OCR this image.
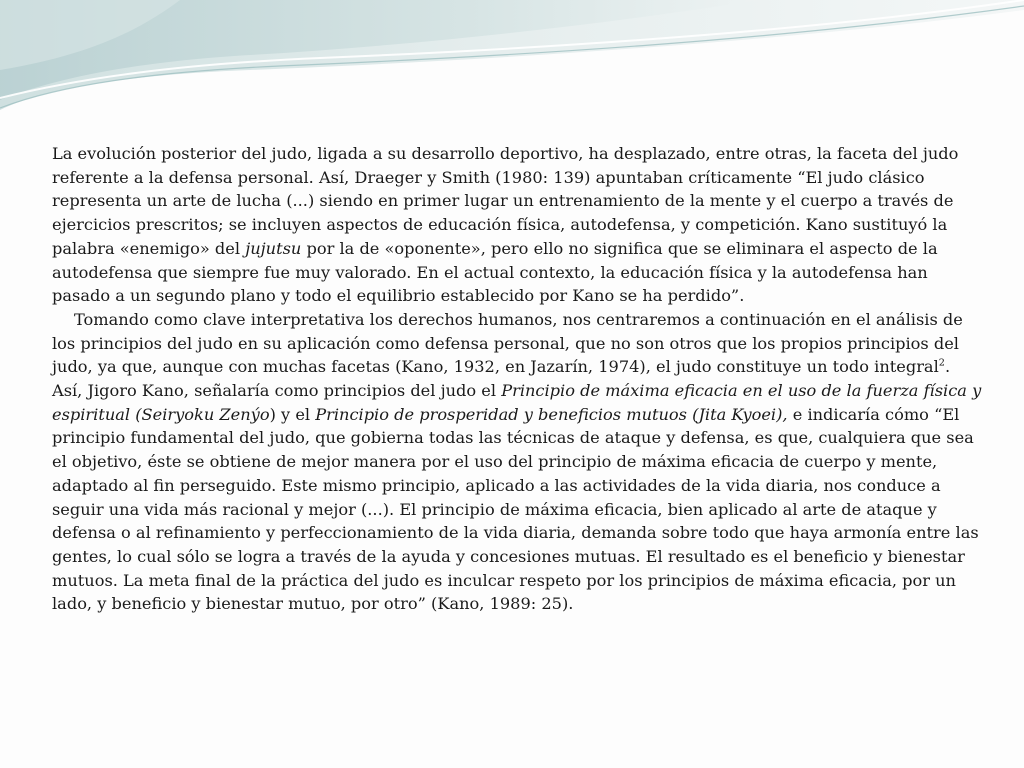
La evolución posterior del judo, ligada a su desarrollo deportivo, ha desplazado, entre otras, la faceta del judo referente a la defensa personal. Así, Draeger y Smith (1980: 139) apuntaban críticamente “El judo clásico representa un arte de lucha (...) siendo en primer lugar un entrenamiento de la mente y el cuerpo a través de ejercicios prescritos; se incluyen aspectos de educación física, autodefensa, y competición. Kano sustituyó la palabra «enemigo» del jujutsu por la de «oponente», pero ello no significa que se eliminara el aspecto de la autodefensa que siempre fue muy valorado. En el actual contexto, la educación física y la autodefensa han pasado a un segundo plano y todo el equilibrio establecido por Kano se ha perdido”.

Tomando como clave interpretativa los derechos humanos, nos centraremos a continuación en el análisis de los principios del judo en su aplicación como defensa personal, que no son otros que los propios principios del judo, ya que, aunque con muchas facetas (Kano, 1932, en Jazarín, 1974), el judo constituye un todo integral$^2$. Así, Jigoro Kano, señalaría como principios del judo el Principio de máxima eficacia en el uso de la fuerza física y espiritual (Seiryoku Zenýo) y el Principio de prosperidad y beneficios mutuos (Jita Kyoei), e indicaría cómo “El principio fundamental del judo, que gobierna todas las técnicas de ataque y defensa, es que, cualquiera que sea el objetivo, éste se obtiene de mejor manera por el uso del principio de máxima eficacia de cuerpo y mente, adaptado al fin perseguido. Este mismo principio, aplicado a las actividades de la vida diaria, nos conduce a seguir una vida más racional y mejor (...). El principio de máxima eficacia, bien aplicado al arte de ataque y defensa o al refinamiento y perfeccionamiento de la vida diaria, demanda sobre todo que haya armonía entre las gentes, lo cual sólo se logra a través de la ayuda y concesiones mutuas. El resultado es el beneficio y bienestar mutuos. La meta final de la práctica del judo es inculcar respeto por los principios de máxima eficacia, por un lado, y beneficio y bienestar mutuo, por otro” (Kano, 1989: 25).
